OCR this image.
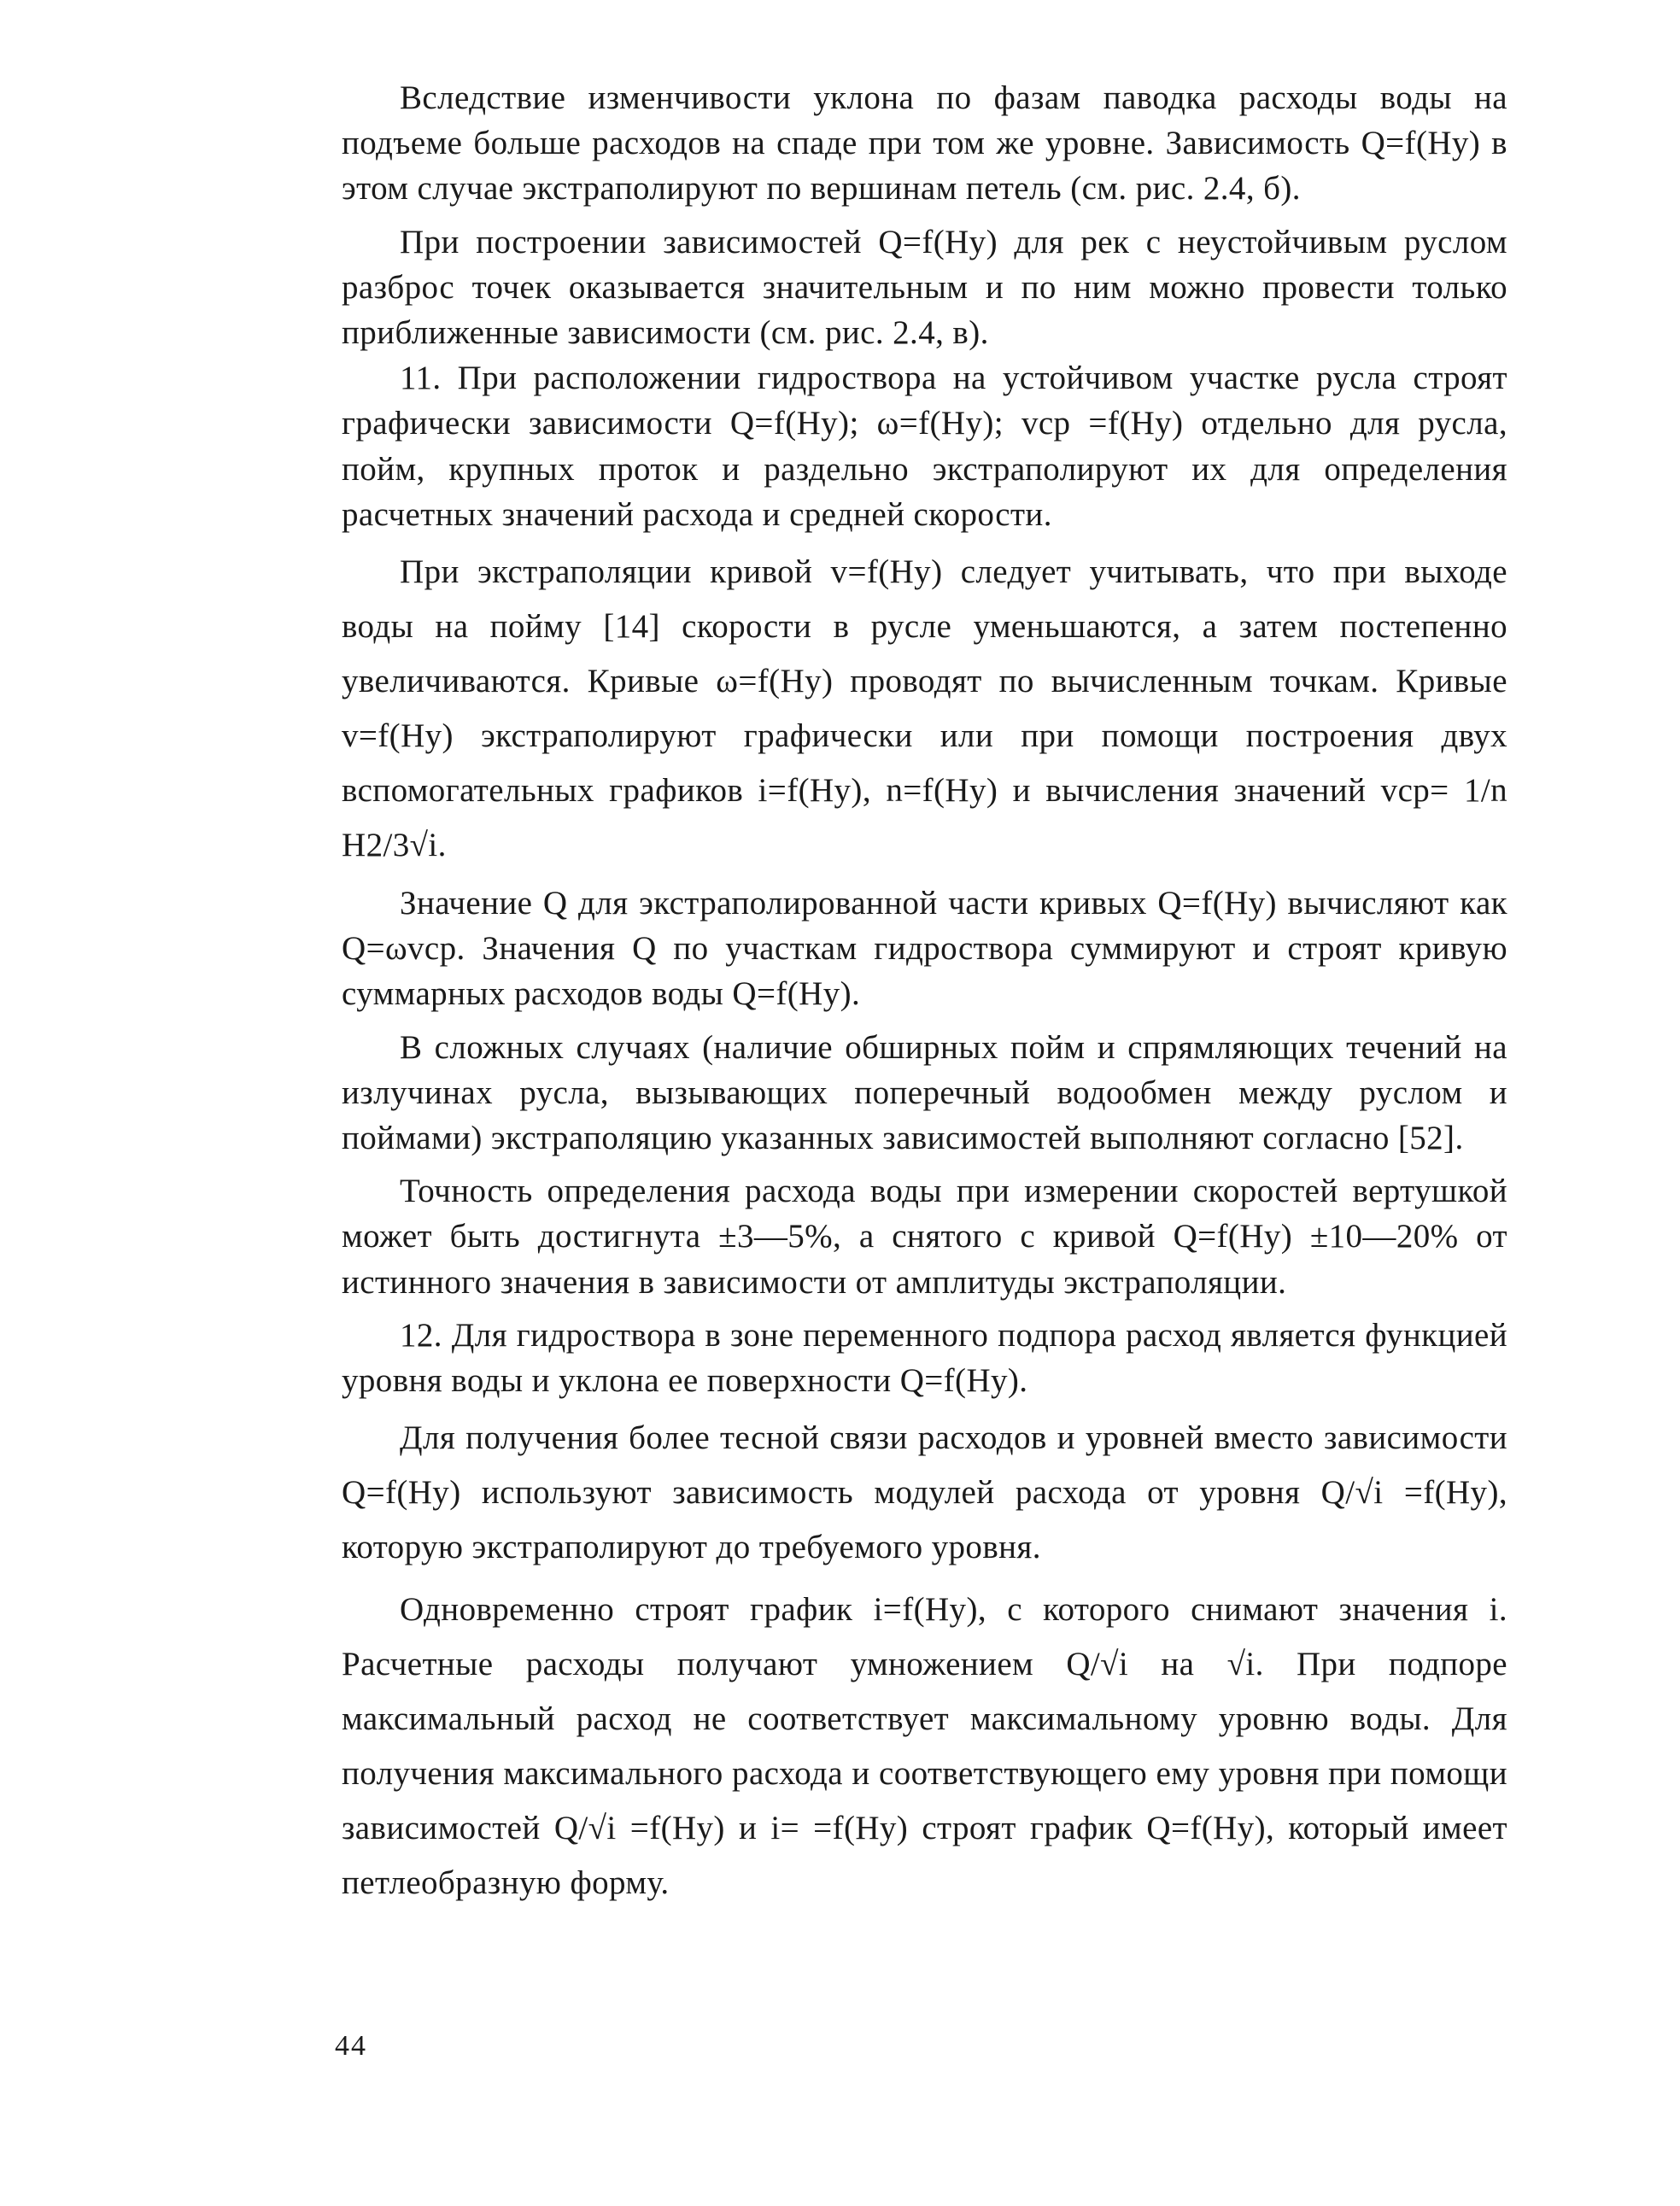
Вследствие изменчивости уклона по фазам паводка расходы воды на подъеме больше расходов на спаде при том же уровне. Зависимость Q=f(Hу) в этом случае экстраполируют по вершинам петель (см. рис. 2.4, б).

При построении зависимостей Q=f(Hу) для рек с неустойчивым руслом разброс точек оказывается значительным и по ним можно провести только приближенные зависимости (см. рис. 2.4, в).

11. При расположении гидроствора на устойчивом участке русла строят графически зависимости Q=f(Hу); ω=f(Hу); vср =f(Hу) отдельно для русла, пойм, крупных проток и раздельно экстраполируют их для определения расчетных значений расхода и средней скорости.

При экстраполяции кривой v=f(Hу) следует учитывать, что при выходе воды на пойму [14] скорости в русле уменьшаются, а затем постепенно увеличиваются. Кривые ω=f(Hу) проводят по вычисленным точкам. Кривые v=f(Hу) экстраполируют графически или при помощи построения двух вспомогательных графиков i=f(Hу), n=f(Hу) и вычисления значений vср= 1/n H2/3√i.

Значение Q для экстраполированной части кривых Q=f(Hу) вычисляют как Q=ωvср. Значения Q по участкам гидроствора суммируют и строят кривую суммарных расходов воды Q=f(Hу).

В сложных случаях (наличие обширных пойм и спрямляющих течений на излучинах русла, вызывающих поперечный водообмен между руслом и поймами) экстраполяцию указанных зависимостей выполняют согласно [52].

Точность определения расхода воды при измерении скоростей вертушкой может быть достигнута ±3—5%, а снятого с кривой Q=f(Hу) ±10—20% от истинного значения в зависимости от амплитуды экстраполяции.

12. Для гидроствора в зоне переменного подпора расход является функцией уровня воды и уклона ее поверхности Q=f(Hу).

Для получения более тесной связи расходов и уровней вместо зависимости Q=f(Hу) используют зависимость модулей расхода от уровня Q/√i =f(Hу), которую экстраполируют до требуемого уровня.

Одновременно строят график i=f(Hу), с которого снимают значения i. Расчетные расходы получают умножением Q/√i на √i. При подпоре максимальный расход не соответствует максимальному уровню воды. Для получения максимального расхода и соответствующего ему уровня при помощи зависимостей Q/√i =f(Hу) и i= =f(Hу) строят график Q=f(Hу), который имеет петлеобразную форму.

44
